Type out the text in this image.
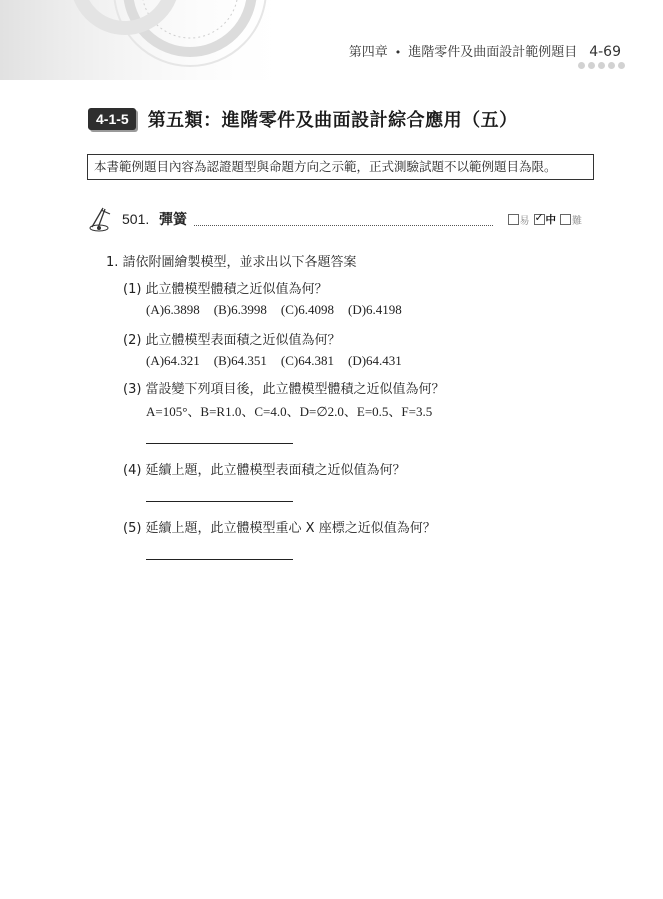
第四章 • 進階零件及曲面設計範例題目 4-69
4-1-5	第五類：進階零件及曲面設計綜合應用（五）
本書範例題目內容為認證題型與命題方向之示範，正式測驗試題不以範例題目為限。
501. 彈簧	易
✓ 中 難
1. 請依附圖繪製模型，並求出以下各題答案
(1) 此立體模型體積之近似值為何？
(A)6.3898 (B)6.3998 (C)6.4098 (D)6.4198
(2) 此立體模型表面積之近似值為何？
(A)64.321 (B)64.351 (C)64.381 (D)64.431
(3) 當設變下列項目後，此立體模型體積之近似值為何？
A=105°、B=R1.0、C=4.0、D=∅2.0、E=0.5、F=3.5
(4) 延續上題，此立體模型表面積之近似值為何？
(5) 延續上題，此立體模型重心 X 座標之近似值為何？
